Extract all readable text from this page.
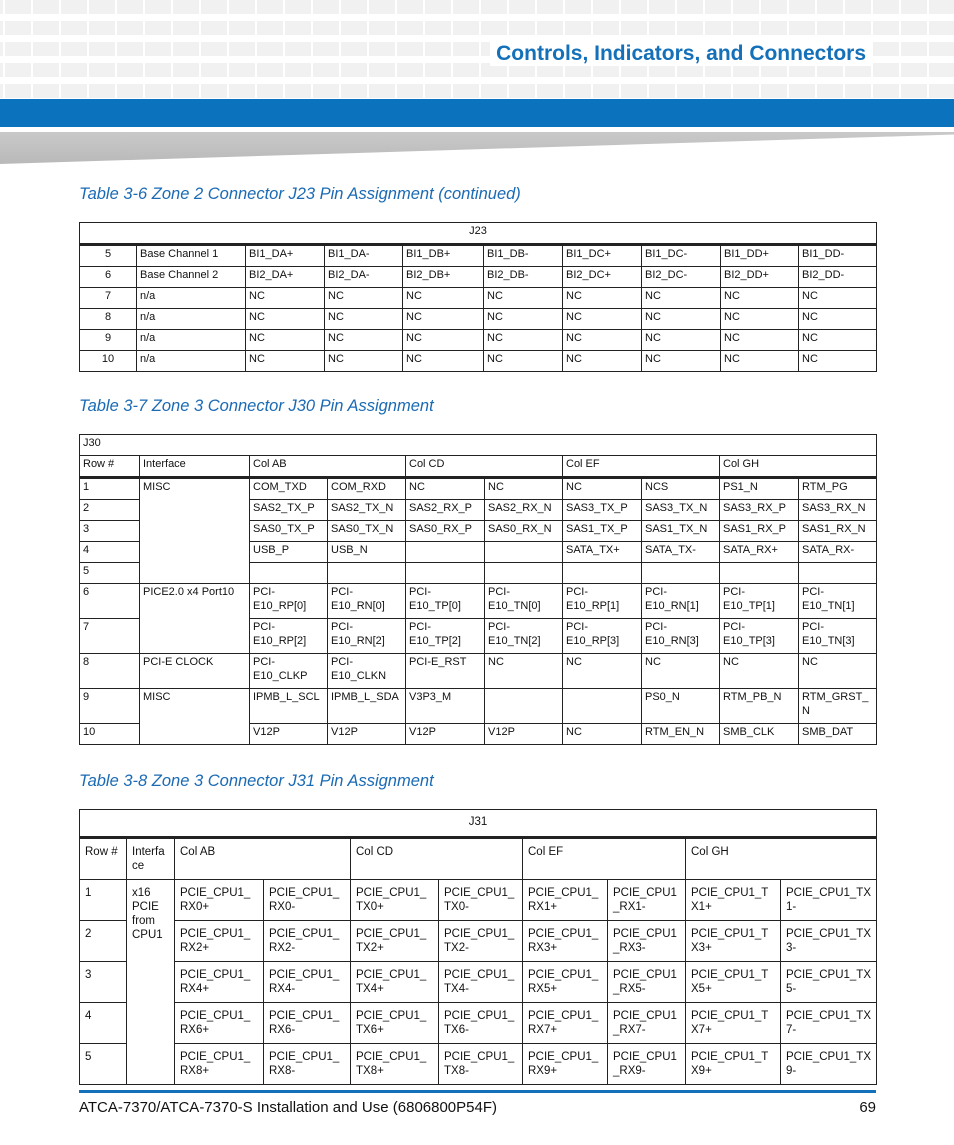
Controls, Indicators, and Connectors
Table 3-6 Zone 2 Connector J23 Pin Assignment (continued)
J23									
5	Base Channel 1	BI1_DA+	BI1_DA-	BI1_DB+	BI1_DB-	BI1_DC+	BI1_DC-	BI1_DD+	BI1_DD-
6	Base Channel 2	BI2_DA+	BI2_DA-	BI2_DB+	BI2_DB-	BI2_DC+	BI2_DC-	BI2_DD+	BI2_DD-
7	n/a	NC	NC	NC	NC	NC	NC	NC	NC
8	n/a	NC	NC	NC	NC	NC	NC	NC	NC
9	n/a	NC	NC	NC	NC	NC	NC	NC	NC
10	n/a	NC	NC	NC	NC	NC	NC	NC	NC
Table 3-7 Zone 3 Connector J30 Pin Assignment
J30									
Row #	Interface	Col AB		Col CD		Col EF		Col GH	
1	MISC	COM_TXD	COM_RXD	NC	NC	NC	NCS	PS1_N	RTM_PG
2		SAS2_TX_P	SAS2_TX_N	SAS2_RX_P	SAS2_RX_N	SAS3_TX_P	SAS3_TX_N	SAS3_RX_P	SAS3_RX_N
3		SAS0_TX_P	SAS0_TX_N	SAS0_RX_P	SAS0_RX_N	SAS1_TX_P	SAS1_TX_N	SAS1_RX_P	SAS1_RX_N
4		USB_P	USB_N			SATA_TX+	SATA_TX-	SATA_RX+	SATA_RX-
5									
6	PICE2.0 x4 Port10	PCI-E10_RP[0]	PCI-E10_RN[0]	PCI-E10_TP[0]	PCI-E10_TN[0]	PCI-E10_RP[1]	PCI-E10_RN[1]	PCI-E10_TP[1]	PCI-E10_TN[1]
7		PCI-E10_RP[2]	PCI-E10_RN[2]	PCI-E10_TP[2]	PCI-E10_TN[2]	PCI-E10_RP[3]	PCI-E10_RN[3]	PCI-E10_TP[3]	PCI-E10_TN[3]
8	PCI-E CLOCK	PCI-E10_CLKP	PCI-E10_CLKN	PCI-E_RST	NC	NC	NC	NC	NC
9	MISC	IPMB_L_SCL	IPMB_L_SDA	V3P3_M			PS0_N	RTM_PB_N	RTM_GRST_N
10		V12P	V12P	V12P	V12P	NC	RTM_EN_N	SMB_CLK	SMB_DAT
Table 3-8 Zone 3 Connector J31 Pin Assignment
J31									
Row #	Interface	Col AB		Col CD		Col EF		Col GH	
1	x16 PCIE from CPU1	PCIE_CPU1_RX0+	PCIE_CPU1_RX0-	PCIE_CPU1_TX0+	PCIE_CPU1_TX0-	PCIE_CPU1_RX1+	PCIE_CPU1_RX1-	PCIE_CPU1_TX1+	PCIE_CPU1_TX1-
2		PCIE_CPU1_RX2+	PCIE_CPU1_RX2-	PCIE_CPU1_TX2+	PCIE_CPU1_TX2-	PCIE_CPU1_RX3+	PCIE_CPU1_RX3-	PCIE_CPU1_TX3+	PCIE_CPU1_TX3-
3		PCIE_CPU1_RX4+	PCIE_CPU1_RX4-	PCIE_CPU1_TX4+	PCIE_CPU1_TX4-	PCIE_CPU1_RX5+	PCIE_CPU1_RX5-	PCIE_CPU1_TX5+	PCIE_CPU1_TX5-
4		PCIE_CPU1_RX6+	PCIE_CPU1_RX6-	PCIE_CPU1_TX6+	PCIE_CPU1_TX6-	PCIE_CPU1_RX7+	PCIE_CPU1_RX7-	PCIE_CPU1_TX7+	PCIE_CPU1_TX7-
5		PCIE_CPU1_RX8+	PCIE_CPU1_RX8-	PCIE_CPU1_TX8+	PCIE_CPU1_TX8-	PCIE_CPU1_RX9+	PCIE_CPU1_RX9-	PCIE_CPU1_TX9+	PCIE_CPU1_TX9-
ATCA-7370/ATCA-7370-S Installation and Use (6806800P54F)	69
